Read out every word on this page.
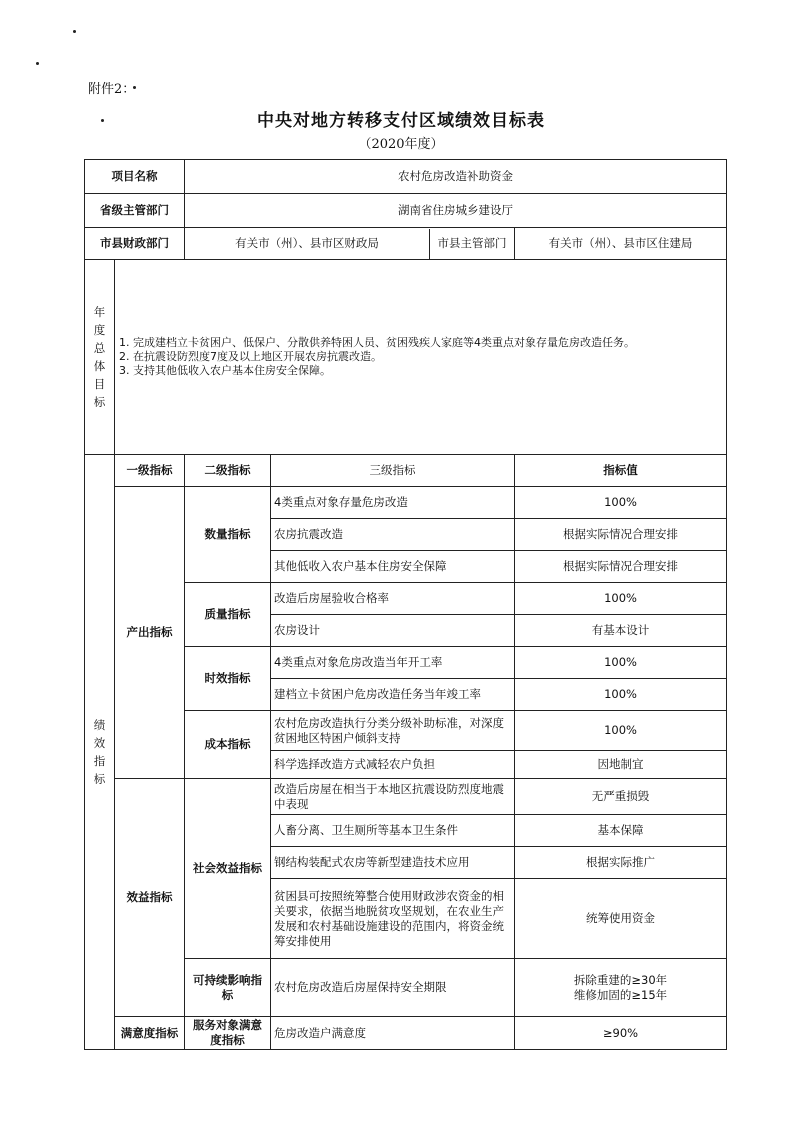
附件2：
中央对地方转移支付区域绩效目标表
（2020年度）
项目名称		农村危房改造补助资金		
省级主管部门		湖南省住房城乡建设厅		
市县财政部门		有关市（州）、县市区财政局 市县主管部门		有关市（州）、县市区住建局

年度总体目标	1. 完成建档立卡贫困户、低保户、分散供养特困人员、贫困残疾人家庭等4类重点对象存量危房改造任务。
2. 在抗震设防烈度7度及以上地区开展农房抗震改造。
3. 支持其他低收入农户基本住房安全保障。			

绩效指标	一级指标	二级指标	三级指标	指标值
	产出指标	数量指标	4类重点对象存量危房改造	100%
			农房抗震改造	根据实际情况合理安排
			其他低收入农户基本住房安全保障	根据实际情况合理安排
		质量指标	改造后房屋验收合格率	100%
			农房设计	有基本设计
		时效指标	4类重点对象危房改造当年开工率	100%
			建档立卡贫困户危房改造任务当年竣工率	100%
		成本指标	农村危房改造执行分类分级补助标准，对深度贫困地区特困户倾斜支持	100%
			科学选择改造方式减轻农户负担	因地制宜
	效益指标	社会效益指标	改造后房屋在相当于本地区抗震设防烈度地震中表现	无严重损毁
			人畜分离、卫生厕所等基本卫生条件	基本保障
			钢结构装配式农房等新型建造技术应用	根据实际推广
			贫困县可按照统筹整合使用财政涉农资金的相关要求，依据当地脱贫攻坚规划，在农业生产发展和农村基础设施建设的范围内，将资金统筹安排使用	统筹使用资金
		可持续影响指标	农村危房改造后房屋保持安全期限	拆除重建的≥30年
维修加固的≥15年

	满意度指标	服务对象满意度指标	危房改造户满意度	≥90%
